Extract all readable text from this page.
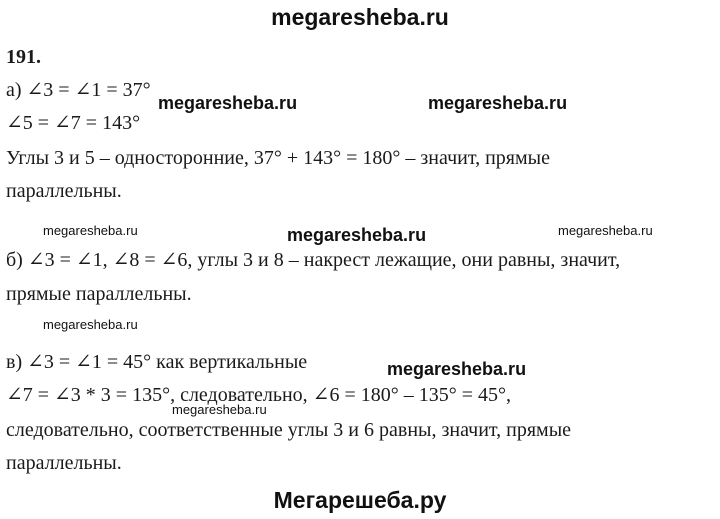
megaresheba.ru
191.
а) ∠3 = ∠1 = 37°
∠5 = ∠7 = 143°
Углы 3 и 5 – односторонние, 37° + 143° = 180° – значит, прямые
параллельны.
б) ∠3 = ∠1, ∠8 = ∠6, углы 3 и 8 – накрест лежащие, они равны, значит,
прямые параллельны.
в) ∠3 = ∠1 = 45° как вертикальные
∠7 = ∠3 * 3 = 135°, следовательно, ∠6 = 180° – 135° = 45°,
следовательно, соответственные углы 3 и 6 равны, значит, прямые
параллельны.
megaresheba.ru	megaresheba.ru
megaresheba.ru
megaresheba.ru
megaresheba.ru	megaresheba.ru
megaresheba.ru
megaresheba.ru
Мегарешеба.ру
